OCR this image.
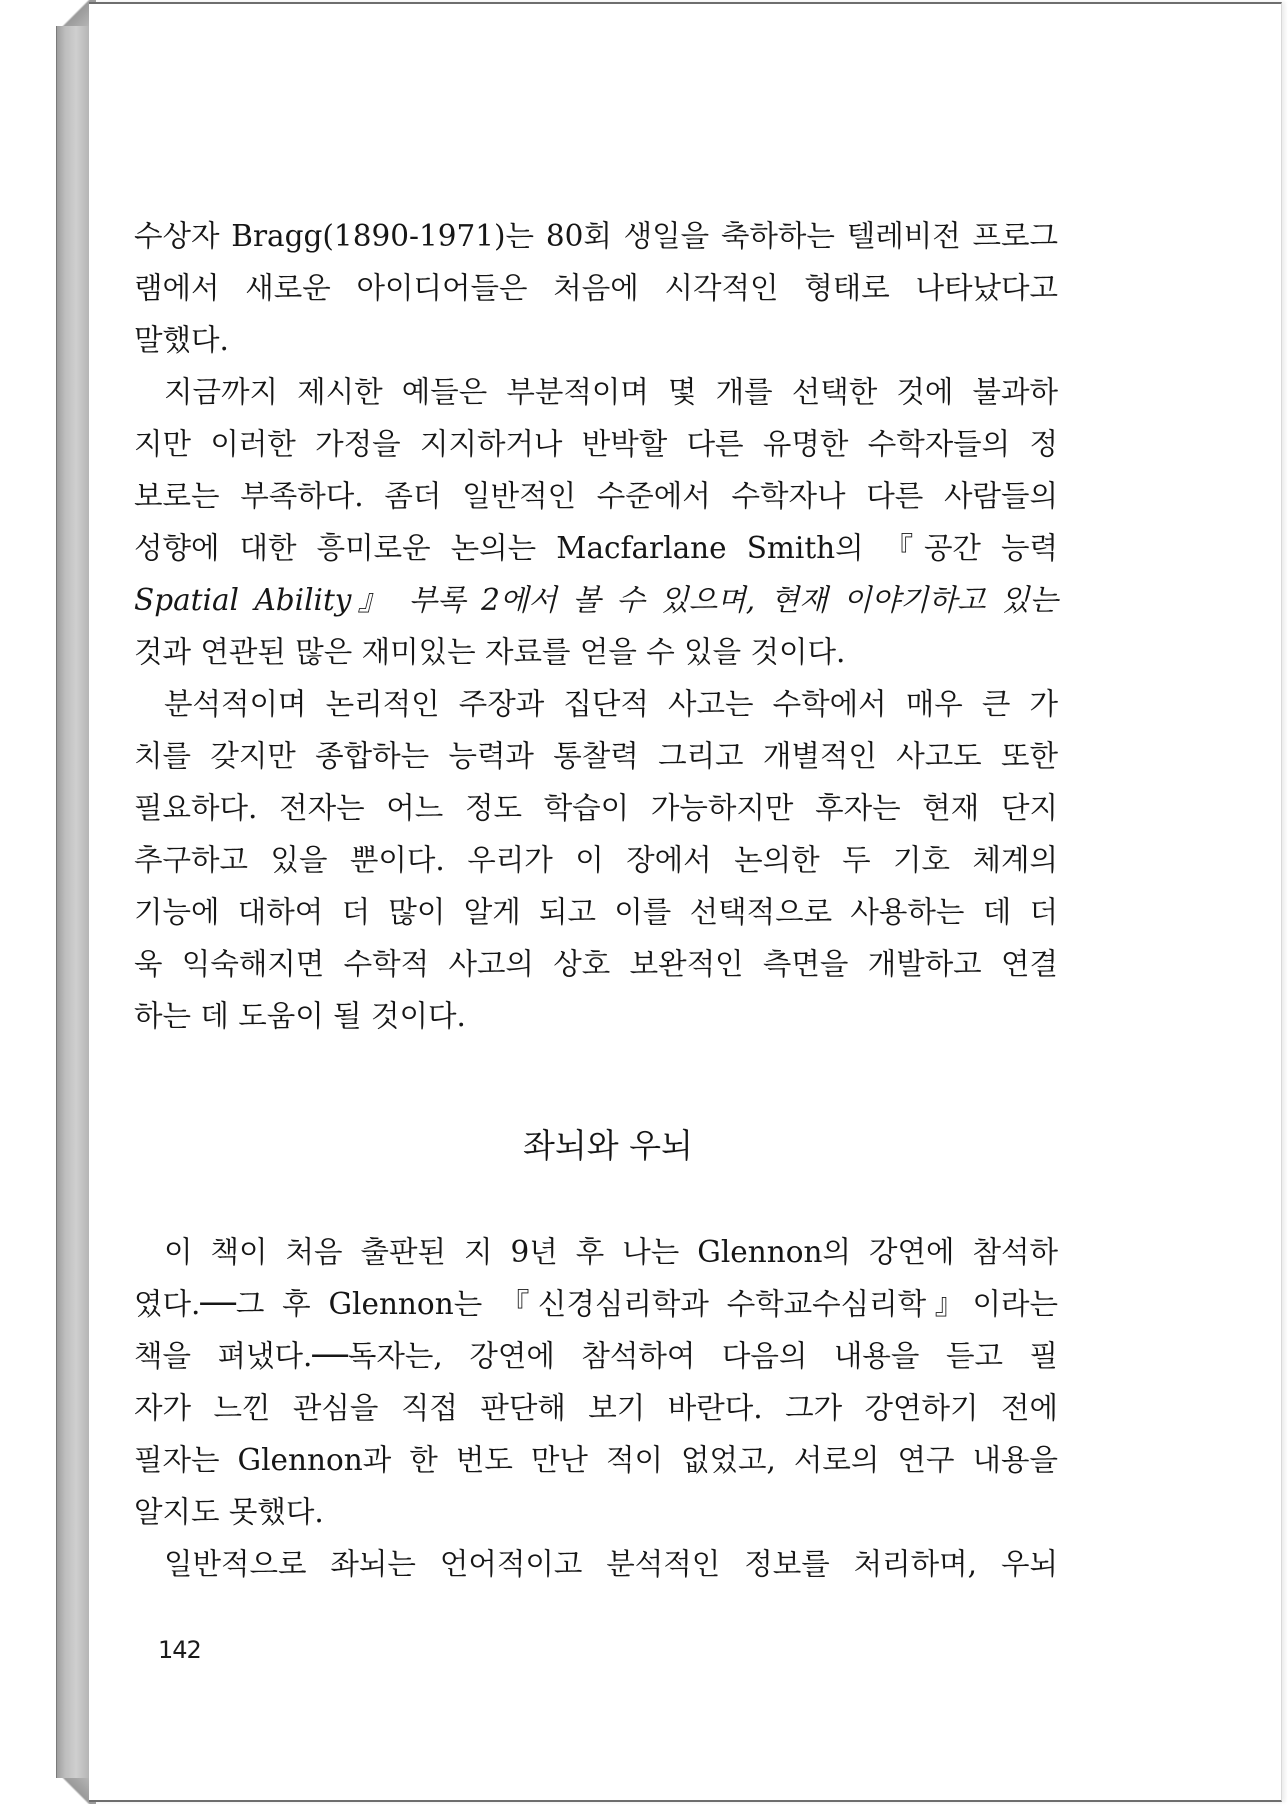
수상자 Bragg(1890-1971)는 80회 생일을 축하하는 텔레비전 프로그
램에서 새로운 아이디어들은 처음에 시각적인 형태로 나타났다고
말했다.
지금까지 제시한 예들은 부분적이며 몇 개를 선택한 것에 불과하
지만 이러한 가정을 지지하거나 반박할 다른 유명한 수학자들의 정
보로는 부족하다. 좀더 일반적인 수준에서 수학자나 다른 사람들의
성향에 대한 흥미로운 논의는 Macfarlane Smith의 『공간 능력
Spatial Ability』 부록 2에서 볼 수 있으며, 현재 이야기하고 있는
것과 연관된 많은 재미있는 자료를 얻을 수 있을 것이다.
분석적이며 논리적인 주장과 집단적 사고는 수학에서 매우 큰 가
치를 갖지만 종합하는 능력과 통찰력 그리고 개별적인 사고도 또한
필요하다. 전자는 어느 정도 학습이 가능하지만 후자는 현재 단지
추구하고 있을 뿐이다. 우리가 이 장에서 논의한 두 기호 체계의
기능에 대하여 더 많이 알게 되고 이를 선택적으로 사용하는 데 더
욱 익숙해지면 수학적 사고의 상호 보완적인 측면을 개발하고 연결
하는 데 도움이 될 것이다.
좌뇌와 우뇌
이 책이 처음 출판된 지 9년 후 나는 Glennon의 강연에 참석하
였다.──그 후 Glennon는 『신경심리학과 수학교수심리학』이라는
책을 펴냈다.──독자는, 강연에 참석하여 다음의 내용을 듣고 필
자가 느낀 관심을 직접 판단해 보기 바란다. 그가 강연하기 전에
필자는 Glennon과 한 번도 만난 적이 없었고, 서로의 연구 내용을
알지도 못했다.
일반적으로 좌뇌는 언어적이고 분석적인 정보를 처리하며, 우뇌
142
